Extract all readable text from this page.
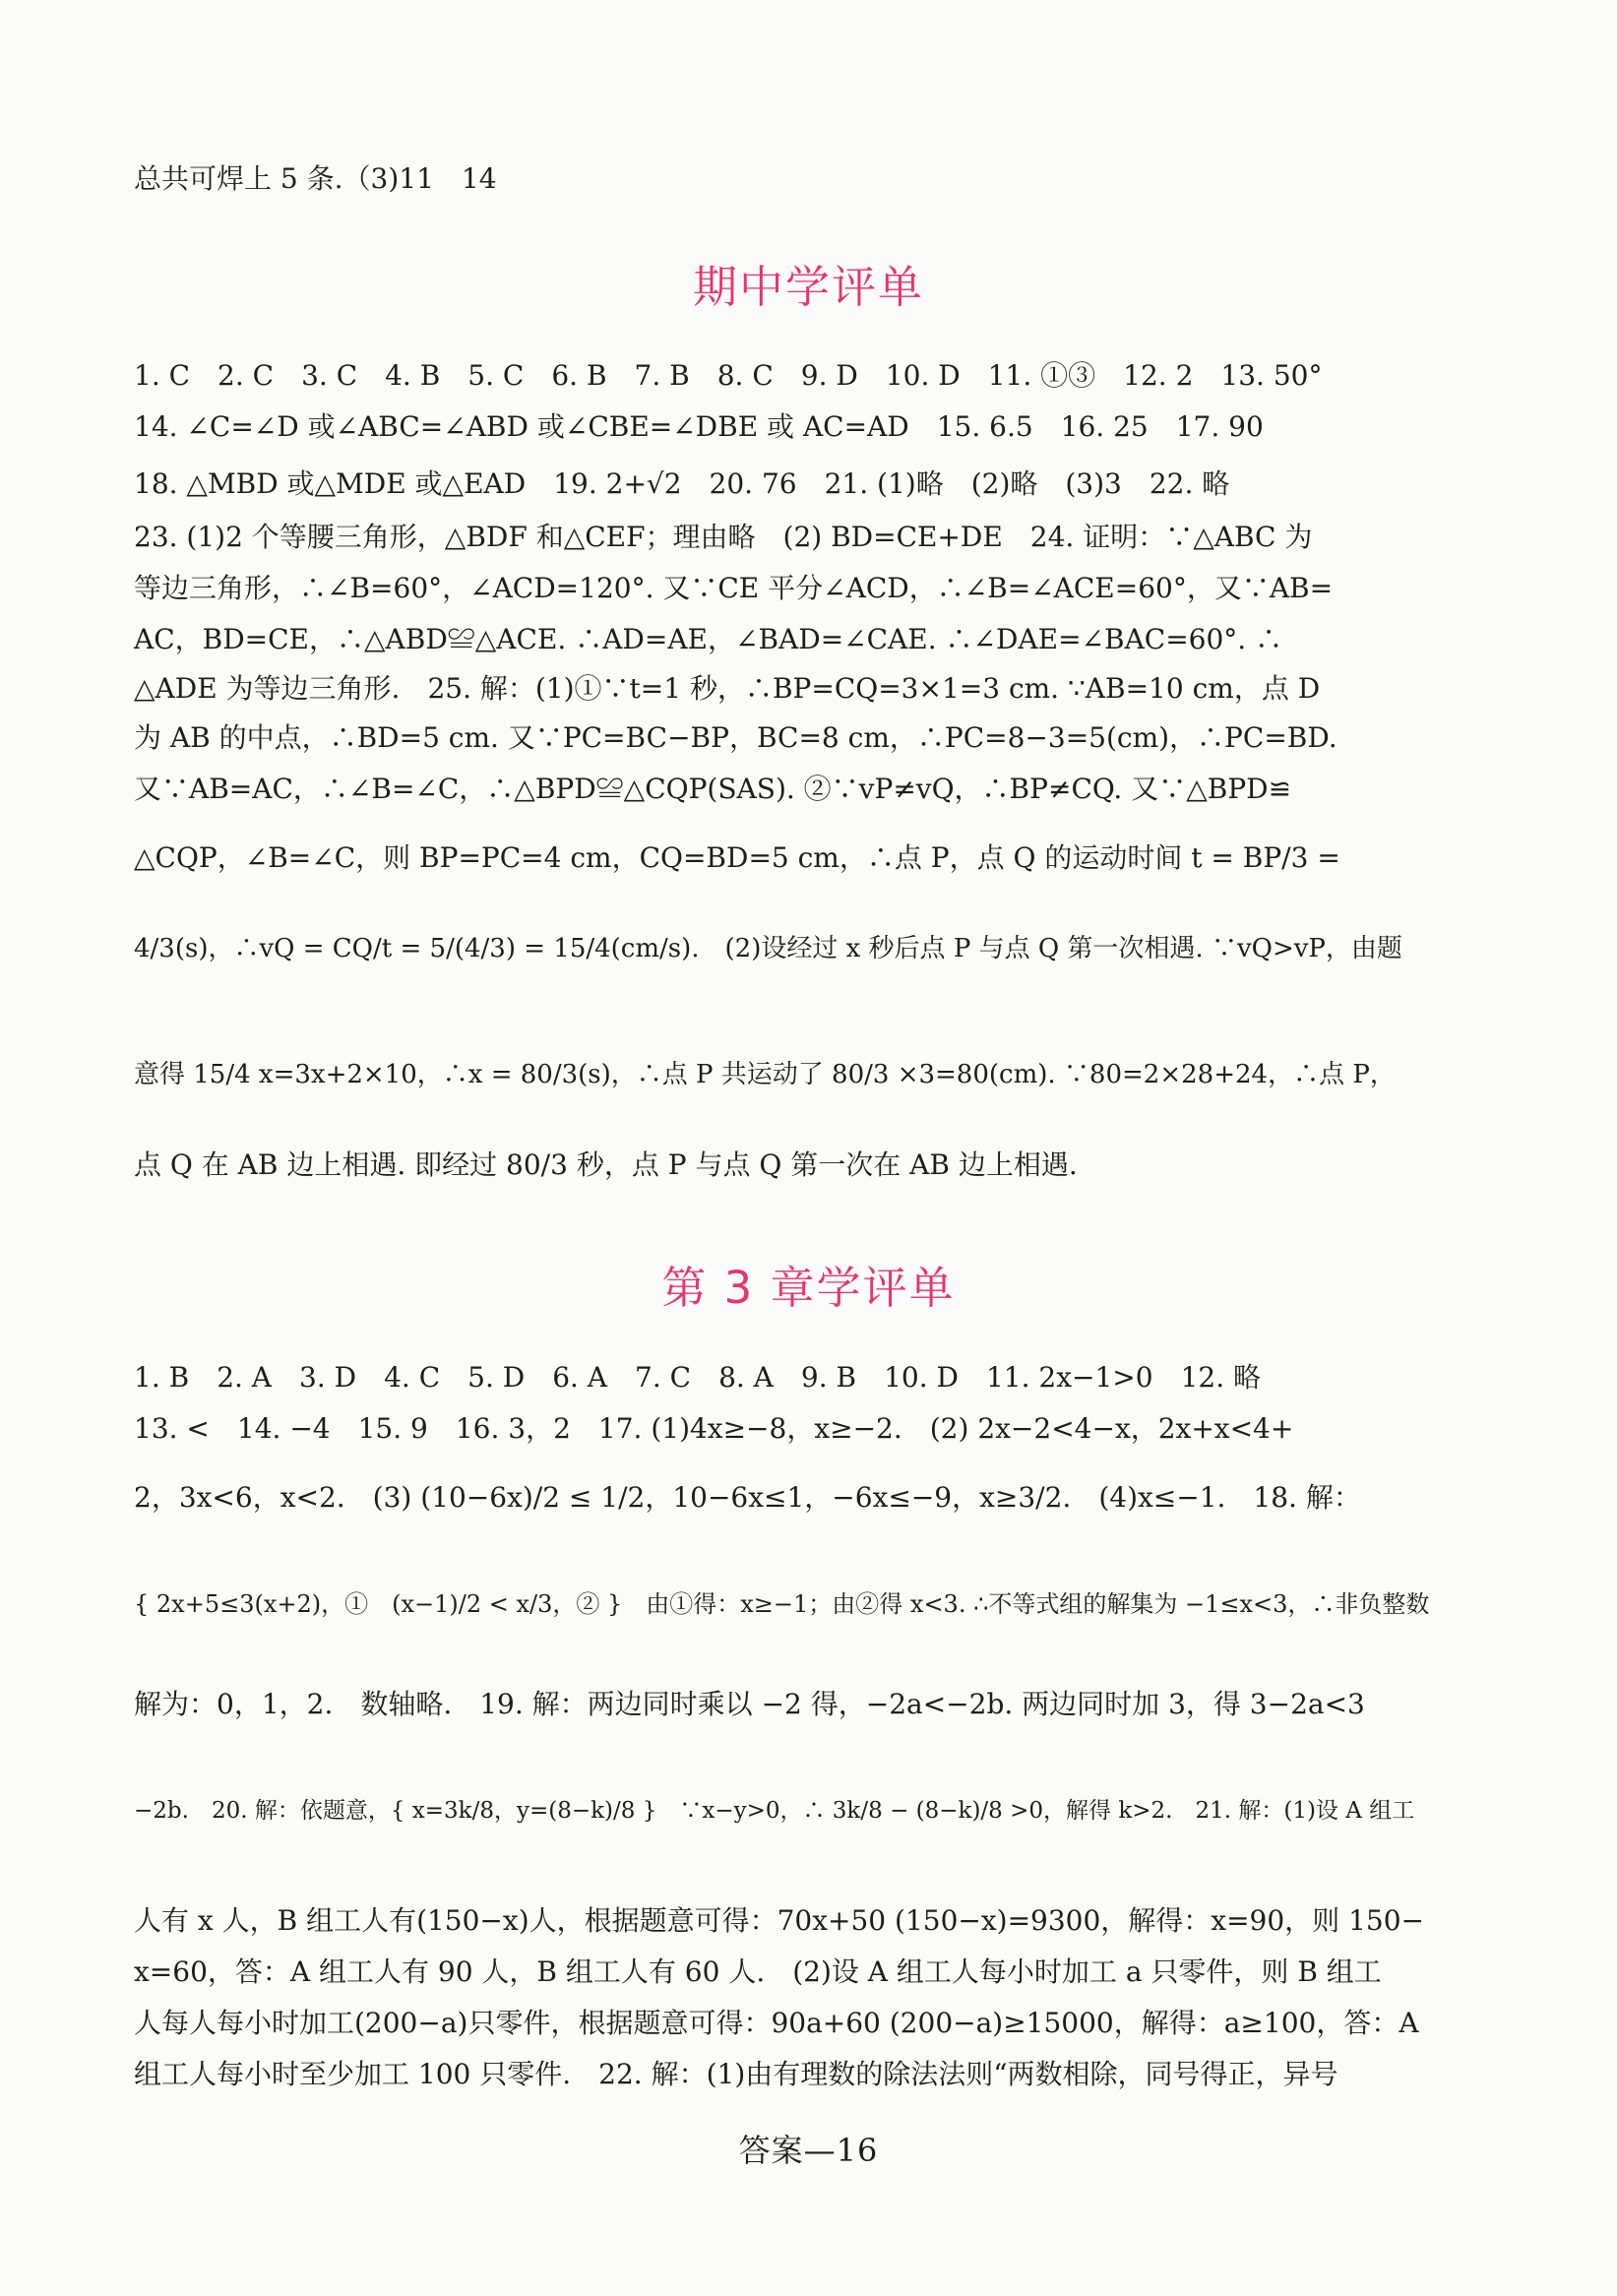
总共可焊上 5 条.（3)11　14
期中学评单
1. C　2. C　3. C　4. B　5. C　6. B　7. B　8. C　9. D　10. D　11. ①③　12. 2　13. 50°
14. ∠C=∠D 或∠ABC=∠ABD 或∠CBE=∠DBE 或 AC=AD　15. 6.5　16. 25　17. 90
18. △MBD 或△MDE 或△EAD　19. 2+√2　20. 76　21. (1)略　(2)略　(3)3　22. 略
23. (1)2 个等腰三角形，△BDF 和△CEF；理由略　(2) BD=CE+DE　24. 证明：∵△ABC 为
等边三角形，∴∠B=60°，∠ACD=120°. 又∵CE 平分∠ACD，∴∠B=∠ACE=60°，又∵AB=
AC，BD=CE，∴△ABD≌△ACE. ∴AD=AE，∠BAD=∠CAE. ∴∠DAE=∠BAC=60°. ∴
△ADE 为等边三角形.　25. 解：(1)①∵t=1 秒，∴BP=CQ=3×1=3 cm. ∵AB=10 cm，点 D
为 AB 的中点，∴BD=5 cm. 又∵PC=BC−BP，BC=8 cm，∴PC=8−3=5(cm)，∴PC=BD.
又∵AB=AC，∴∠B=∠C，∴△BPD≌△CQP(SAS). ②∵vP≠vQ，∴BP≠CQ. 又∵△BPD≌
△CQP，∠B=∠C，则 BP=PC=4 cm，CQ=BD=5 cm，∴点 P，点 Q 的运动时间 t = BP/3 =
4/3(s)，∴vQ = CQ/t = 5/(4/3) = 15/4(cm/s).　(2)设经过 x 秒后点 P 与点 Q 第一次相遇. ∵vQ>vP，由题
意得 15/4 x=3x+2×10，∴x = 80/3(s)，∴点 P 共运动了 80/3 ×3=80(cm). ∵80=2×28+24，∴点 P，
点 Q 在 AB 边上相遇. 即经过 80/3 秒，点 P 与点 Q 第一次在 AB 边上相遇.
第 3 章学评单
1. B　2. A　3. D　4. C　5. D　6. A　7. C　8. A　9. B　10. D　11. 2x−1>0　12. 略
13. <　14. −4　15. 9　16. 3，2　17. (1)4x≥−8，x≥−2.　(2) 2x−2<4−x，2x+x<4+
2，3x<6，x<2.　(3) (10−6x)/2 ≤ 1/2，10−6x≤1，−6x≤−9，x≥3/2.　(4)x≤−1.　18. 解：
{ 2x+5≤3(x+2)，①　(x−1)/2 < x/3，② }　由①得：x≥−1；由②得 x<3. ∴不等式组的解集为 −1≤x<3，∴非负整数
解为：0，1，2.　数轴略.　19. 解：两边同时乘以 −2 得，−2a<−2b. 两边同时加 3，得 3−2a<3
−2b.　20. 解：依题意，{ x=3k/8，y=(8−k)/8 }　∵x−y>0，∴ 3k/8 − (8−k)/8 >0，解得 k>2.　21. 解：(1)设 A 组工
人有 x 人，B 组工人有(150−x)人，根据题意可得：70x+50 (150−x)=9300，解得：x=90，则 150−
x=60，答：A 组工人有 90 人，B 组工人有 60 人.　(2)设 A 组工人每小时加工 a 只零件，则 B 组工
人每人每小时加工(200−a)只零件，根据题意可得：90a+60 (200−a)≥15000，解得：a≥100，答：A
组工人每小时至少加工 100 只零件.　22. 解：(1)由有理数的除法法则“两数相除，同号得正，异号
答案—16
